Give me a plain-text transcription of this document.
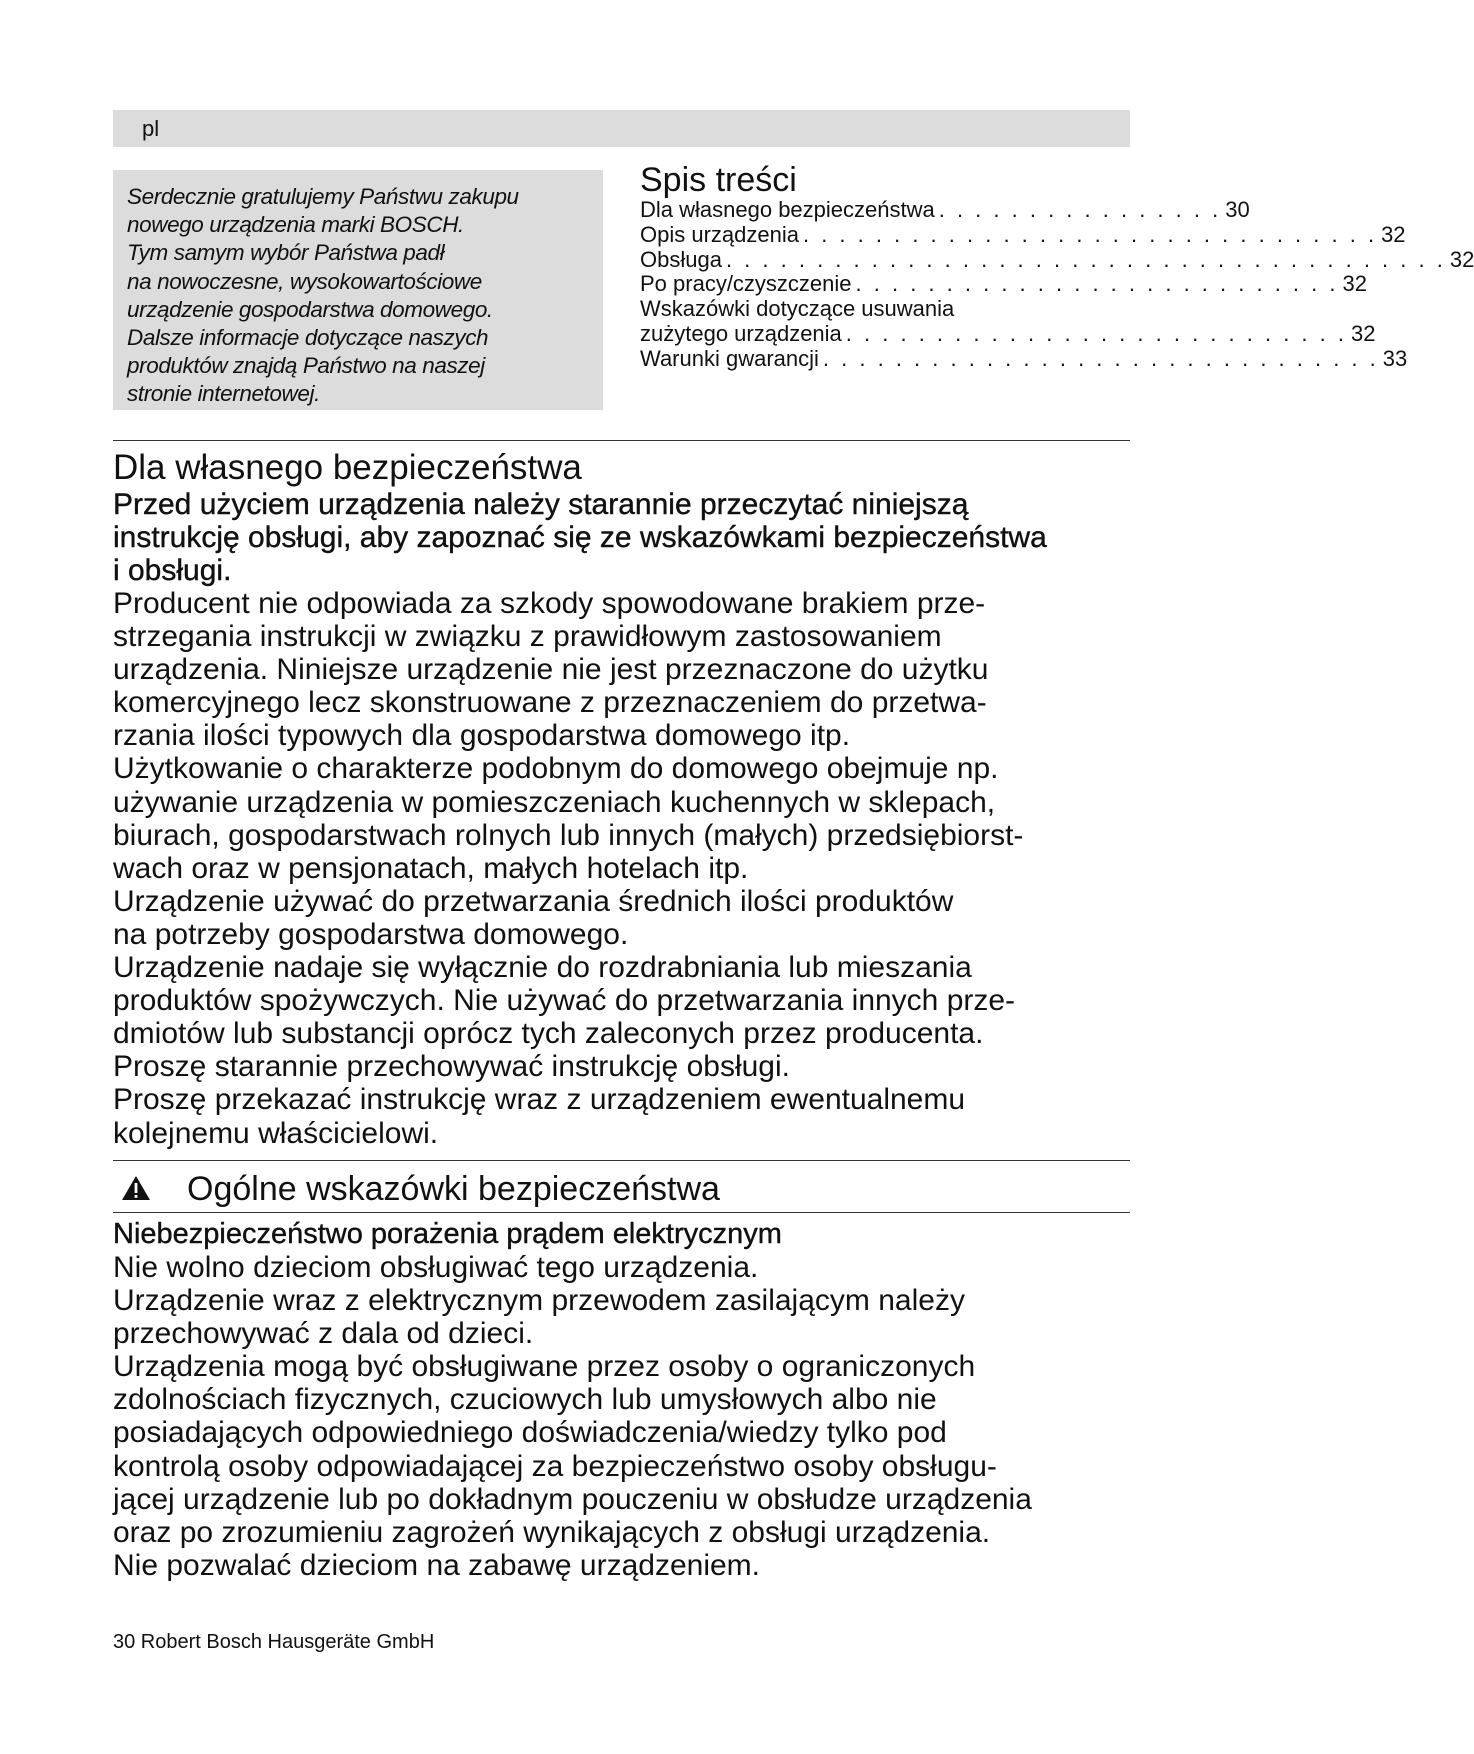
pl
Serdecznie gratulujemy Państwu zakupu
nowego urządzenia marki BOSCH.
Tym samym wybór Państwa padł
na nowoczesne, wysokowartościowe
urządzenie gospodarstwa domowego.
Dalsze informacje dotyczące naszych
produktów znajdą Państwo na naszej
stronie internetowej.
Spis treści
Dla własnego bezpieczeństwa . . . . . . . . . . . . . . . . 30
Opis urządzenia . . . . . . . . . . . . . . . . . . . . . . . . . . . . . . . . 32
Obsługa . . . . . . . . . . . . . . . . . . . . . . . . . . . . . . . . . . . . . . . . 32
Po pracy/czyszczenie . . . . . . . . . . . . . . . . . . . . . . . . . . . 32
Wskazówki dotyczące usuwania
zużytego urządzenia . . . . . . . . . . . . . . . . . . . . . . . . . . . . 32
Warunki gwarancji . . . . . . . . . . . . . . . . . . . . . . . . . . . . . . . 33
Dla własnego bezpieczeństwa
Przed użyciem urządzenia należy starannie przeczytać niniejszą
instrukcję obsługi, aby zapoznać się ze wskazówkami bezpieczeństwa
i obsługi.
Producent nie odpowiada za szkody spowodowane brakiem prze-
strzegania instrukcji w związku z prawidłowym zastosowaniem
urządzenia. Niniejsze urządzenie nie jest przeznaczone do użytku
komercyjnego lecz skonstruowane z przeznaczeniem do przetwa-
rzania ilości typowych dla gospodarstwa domowego itp.
Użytkowanie o charakterze podobnym do domowego obejmuje np.
używanie urządzenia w pomieszczeniach kuchennych w sklepach,
biurach, gospodarstwach rolnych lub innych (małych) przedsiębiorst-
wach oraz w pensjonatach, małych hotelach itp.
Urządzenie używać do przetwarzania średnich ilości produktów
na potrzeby gospodarstwa domowego.
Urządzenie nadaje się wyłącznie do rozdrabniania lub mieszania
produktów spożywczych. Nie używać do przetwarzania innych prze-
dmiotów lub substancji oprócz tych zaleconych przez producenta.
Proszę starannie przechowywać instrukcję obsługi.
Proszę przekazać instrukcję wraz z urządzeniem ewentualnemu
kolejnemu właścicielowi.
Ogólne wskazówki bezpieczeństwa
Niebezpieczeństwo porażenia prądem elektrycznym
Nie wolno dzieciom obsługiwać tego urządzenia.
Urządzenie wraz z elektrycznym przewodem zasilającym należy
przechowywać z dala od dzieci.
Urządzenia mogą być obsługiwane przez osoby o ograniczonych
zdolnościach fizycznych, czuciowych lub umysłowych albo nie
posiadających odpowiedniego doświadczenia/wiedzy tylko pod
kontrolą osoby odpowiadającej za bezpieczeństwo osoby obsługu-
jącej urządzenie lub po dokładnym pouczeniu w obsłudze urządzenia
oraz po zrozumieniu zagrożeń wynikających z obsługi urządzenia.
Nie pozwalać dzieciom na zabawę urządzeniem.
30 Robert Bosch Hausgeräte GmbH
